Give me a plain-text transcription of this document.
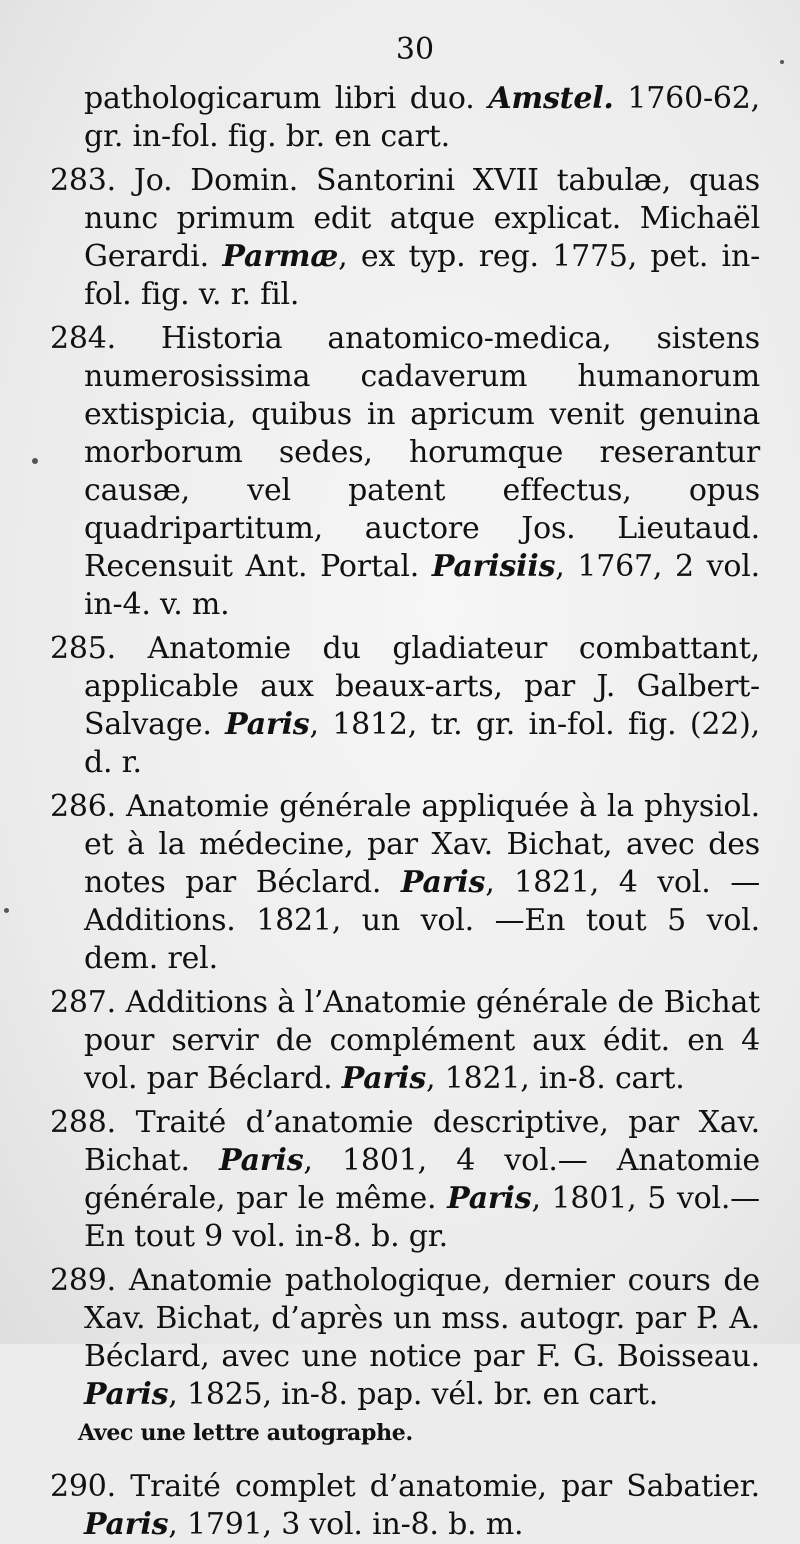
30

pathologicarum libri duo. Amstel. 1760-62, gr. in-fol. fig. br. en cart.

283. Jo. Domin. Santorini XVII tabulæ, quas nunc primum edit atque explicat. Michaël Gerardi. Parmæ, ex typ. reg. 1775, pet. in-fol. fig. v. r. fil.

284. Historia anatomico-medica, sistens numerosissima cadaverum humanorum extispicia, quibus in apricum venit genuina morborum sedes, horumque reserantur causæ, vel patent effectus, opus quadripartitum, auctore Jos. Lieutaud. Recensuit Ant. Portal. Parisiis, 1767, 2 vol. in-4. v. m.

285. Anatomie du gladiateur combattant, applicable aux beaux-arts, par J. Galbert-Salvage. Paris, 1812, tr. gr. in-fol. fig. (22), d. r.

286. Anatomie générale appliquée à la physiol. et à la médecine, par Xav. Bichat, avec des notes par Béclard. Paris, 1821, 4 vol. — Additions. 1821, un vol. —En tout 5 vol. dem. rel.

287. Additions à l’Anatomie générale de Bichat pour servir de complément aux édit. en 4 vol. par Béclard. Paris, 1821, in-8. cart.

288. Traité d’anatomie descriptive, par Xav. Bichat. Paris, 1801, 4 vol.— Anatomie générale, par le même. Paris, 1801, 5 vol.— En tout 9 vol. in-8. b. gr.

289. Anatomie pathologique, dernier cours de Xav. Bichat, d’après un mss. autogr. par P. A. Béclard, avec une notice par F. G. Boisseau. Paris, 1825, in-8. pap. vél. br. en cart.

Avec une lettre autographe.

290. Traité complet d’anatomie, par Sabatier. Paris, 1791, 3 vol. in-8. b. m.
